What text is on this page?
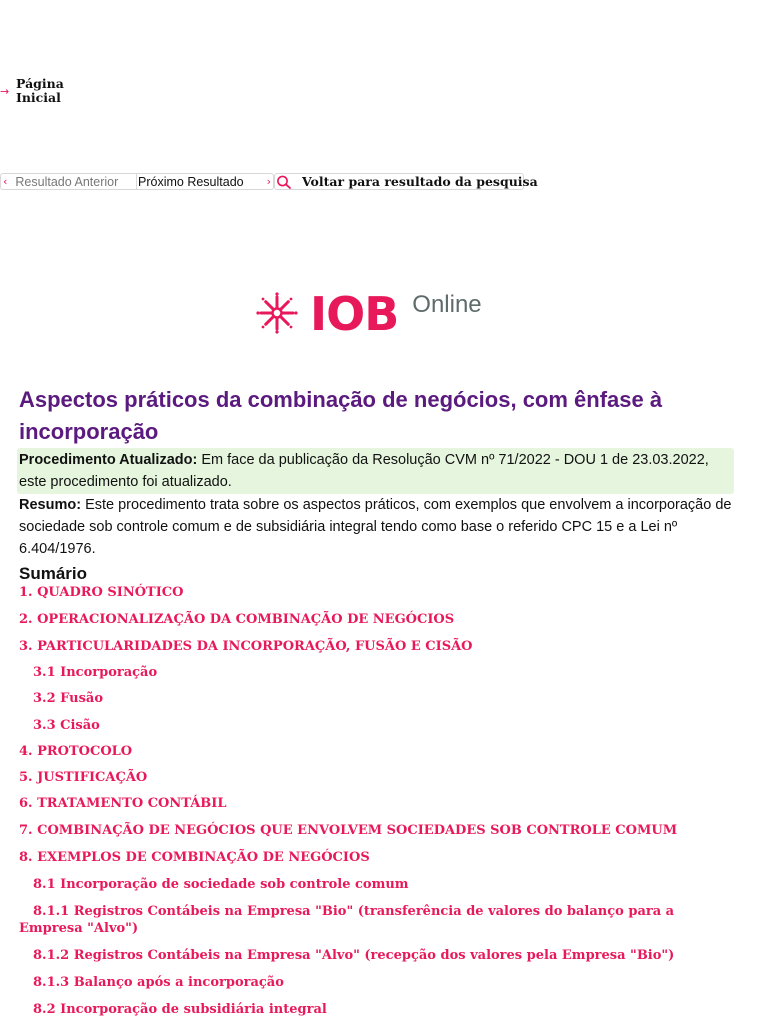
→
Página Inicial
‹ Resultado Anterior Próximo Resultado › Voltar para resultado da pesquisa
IOB Online
Aspectos práticos da combinação de negócios, com ênfase à incorporação
Procedimento Atualizado: Em face da publicação da Resolução CVM nº 71/2022 - DOU 1 de 23.03.2022, este procedimento foi atualizado.
Resumo: Este procedimento trata sobre os aspectos práticos, com exemplos que envolvem a incorporação de sociedade sob controle comum e de subsidiária integral tendo como base o referido CPC 15 e a Lei nº 6.404/1976.
Sumário
1. QUADRO SINÓTICO
2. OPERACIONALIZAÇÃO DA COMBINAÇÃO DE NEGÓCIOS
3. PARTICULARIDADES DA INCORPORAÇÃO, FUSÃO E CISÃO
3.1 Incorporação
3.2 Fusão
3.3 Cisão
4. PROTOCOLO
5. JUSTIFICAÇÃO
6. TRATAMENTO CONTÁBIL
7. COMBINAÇÃO DE NEGÓCIOS QUE ENVOLVEM SOCIEDADES SOB CONTROLE COMUM
8. EXEMPLOS DE COMBINAÇÃO DE NEGÓCIOS
8.1 Incorporação de sociedade sob controle comum
8.1.1 Registros Contábeis na Empresa "Bio" (transferência de valores do balanço para a Empresa "Alvo")
8.1.2 Registros Contábeis na Empresa "Alvo" (recepção dos valores pela Empresa "Bio")
8.1.3 Balanço após a incorporação
8.2 Incorporação de subsidiária integral
